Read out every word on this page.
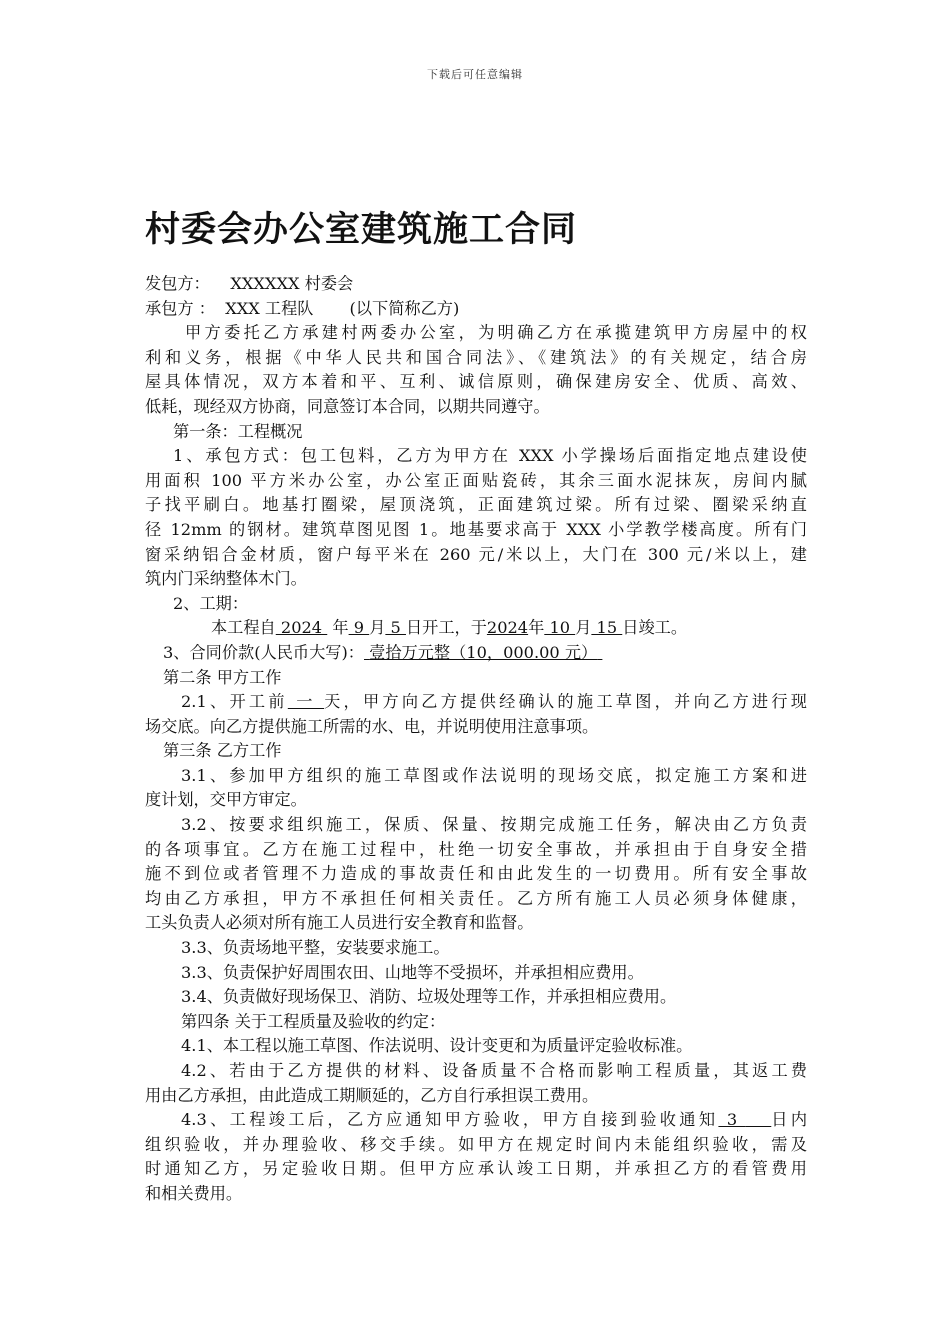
下载后可任意编辑
村委会办公室建筑施工合同
发包方： XXXXXX 村委会
承包方 ： XXX 工程队 (以下简称乙方)
甲方委托乙方承建村两委办公室，为明确乙方在承揽建筑甲方房屋中的权
利和义务，根据《中华人民共和国合同法》、《建筑法》的有关规定，结合房
屋具体情况，双方本着和平、互利、诚信原则，确保建房安全、优质、高效、
低耗，现经双方协商，同意签订本合同，以期共同遵守。
第一条：工程概况
1、承包方式：包工包料，乙方为甲方在 XXX 小学操场后面指定地点建设使
用面积 100 平方米办公室，办公室正面贴瓷砖，其余三面水泥抹灰，房间内腻
子找平刷白。地基打圈梁，屋顶浇筑，正面建筑过梁。所有过梁、圈梁采纳直
径 12mm 的钢材。建筑草图见图 1。地基要求高于 XXX 小学教学楼高度。所有门
窗采纳铝合金材质，窗户每平米在 260 元/米以上，大门在 300 元/米以上，建
筑内门采纳整体木门。
2、工期：
本工程自 2024  年 9 月 5 日开工，于2024年 10 月 15 日竣工。
3、合同价款(人民币大写)： 壹拾万元整（10，000.00 元）
第二条 甲方工作
2.1、开工前 一 天，甲方向乙方提供经确认的施工草图，并向乙方进行现
场交底。向乙方提供施工所需的水、电，并说明使用注意事项。
第三条 乙方工作
3.1、参加甲方组织的施工草图或作法说明的现场交底，拟定施工方案和进
度计划，交甲方审定。
3.2、按要求组织施工，保质、保量、按期完成施工任务，解决由乙方负责
的各项事宜。乙方在施工过程中，杜绝一切安全事故，并承担由于自身安全措
施不到位或者管理不力造成的事故责任和由此发生的一切费用。所有安全事故
均由乙方承担，甲方不承担任何相关责任。乙方所有施工人员必须身体健康，
工头负责人必须对所有施工人员进行安全教育和监督。
3.3、负责场地平整，安装要求施工。
3.3、负责保护好周围农田、山地等不受损坏，并承担相应费用。
3.4、负责做好现场保卫、消防、垃圾处理等工作，并承担相应费用。
第四条 关于工程质量及验收的约定：
4.1、本工程以施工草图、作法说明、设计变更和为质量评定验收标准。
4.2、若由于乙方提供的材料、设备质量不合格而影响工程质量，其返工费
用由乙方承担，由此造成工期顺延的，乙方自行承担误工费用。
4.3、工程竣工后，乙方应通知甲方验收，甲方自接到验收通知 3    日内
组织验收，并办理验收、移交手续。如甲方在规定时间内未能组织验收，需及
时通知乙方，另定验收日期。但甲方应承认竣工日期，并承担乙方的看管费用
和相关费用。
